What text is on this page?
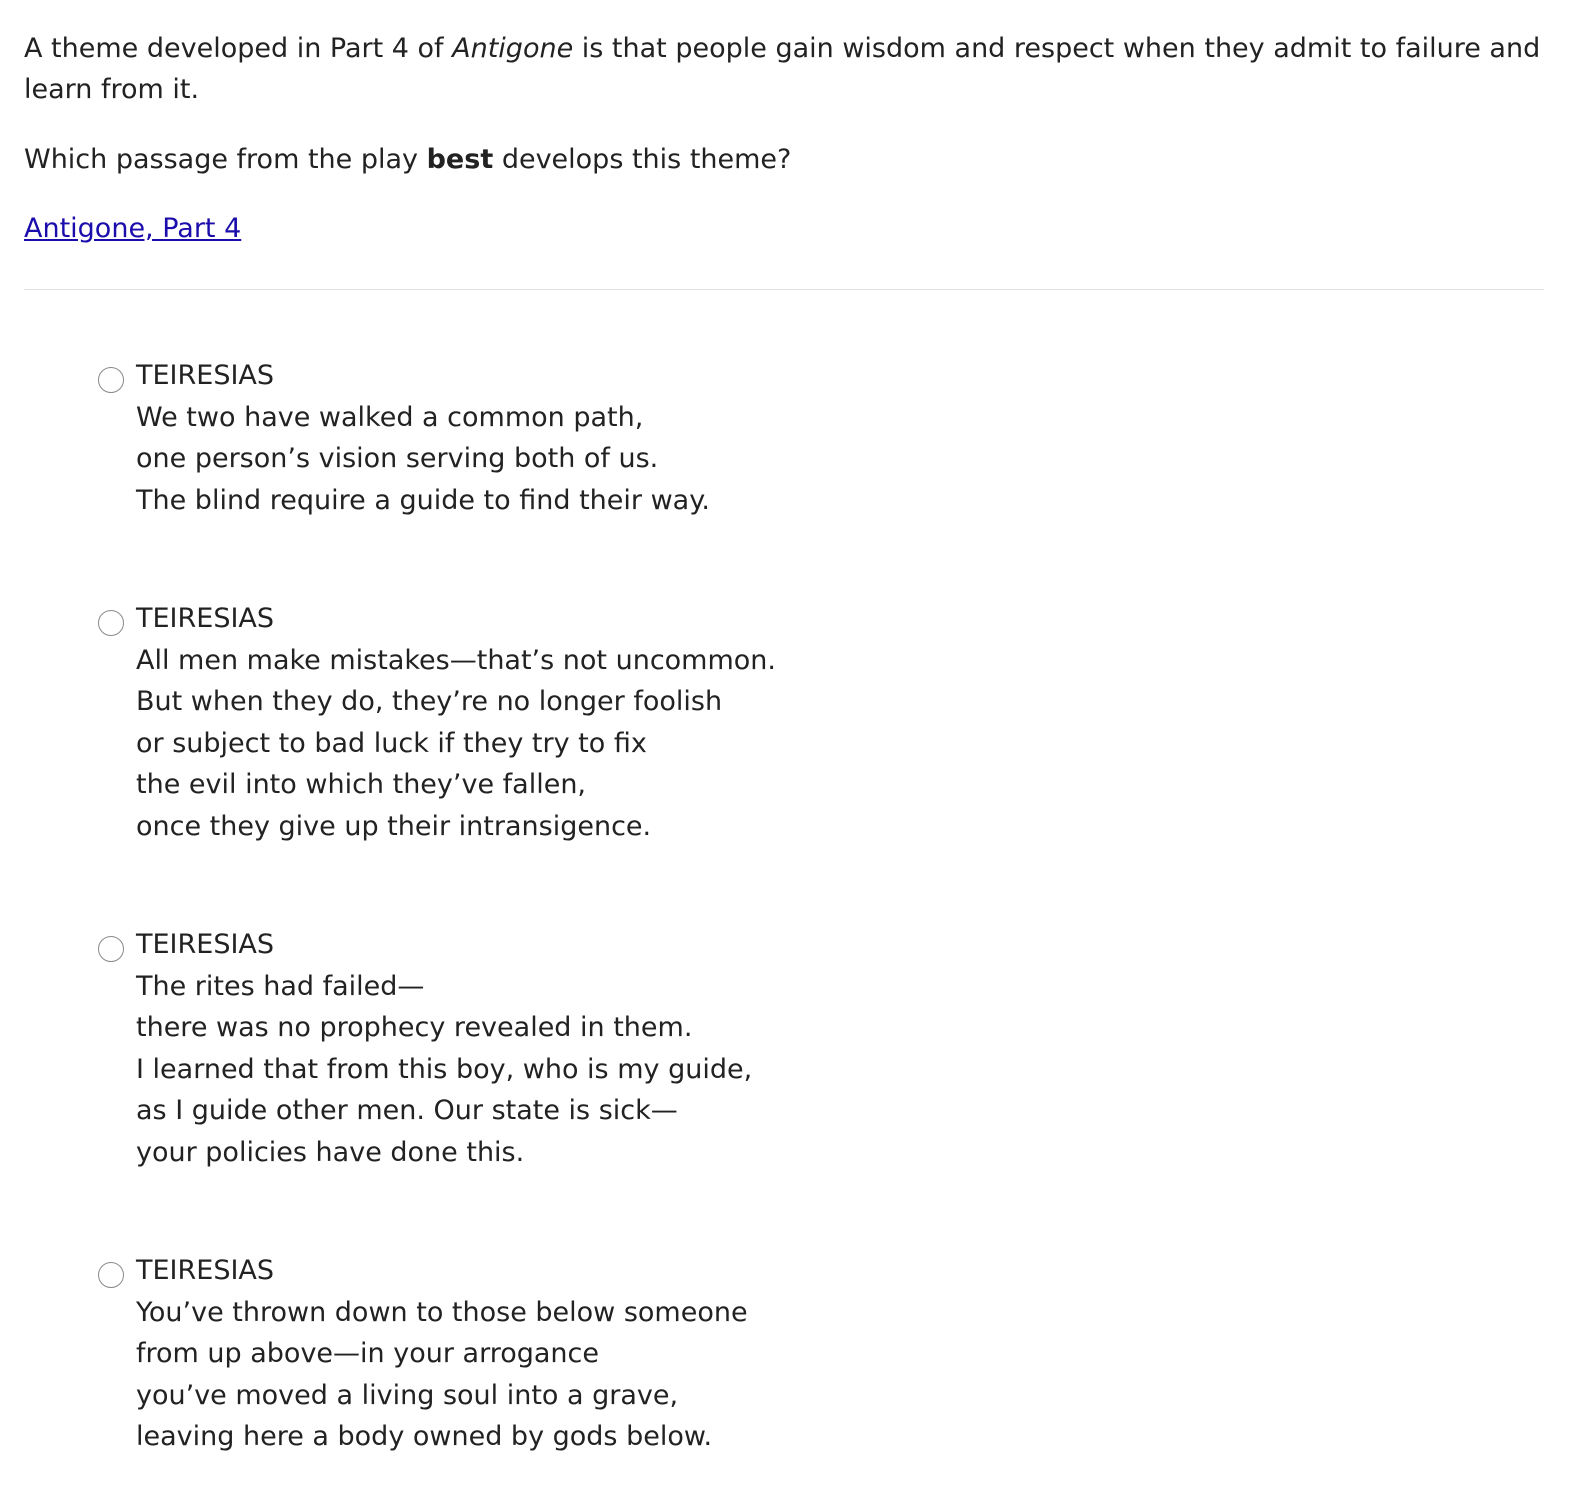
A theme developed in Part 4 of Antigone is that people gain wisdom and respect when they admit to failure and learn from it.

Which passage from the play best develops this theme?

Antigone, Part 4
TEIRESIAS
We two have walked a common path,
one person’s vision serving both of us.
The blind require a guide to find their way.
TEIRESIAS
All men make mistakes—that’s not uncommon.
But when they do, they’re no longer foolish
or subject to bad luck if they try to fix
the evil into which they’ve fallen,
once they give up their intransigence.
TEIRESIAS
The rites had failed—
there was no prophecy revealed in them.
I learned that from this boy, who is my guide,
as I guide other men. Our state is sick—
your policies have done this.
TEIRESIAS
You’ve thrown down to those below someone
from up above—in your arrogance
you’ve moved a living soul into a grave,
leaving here a body owned by gods below.
